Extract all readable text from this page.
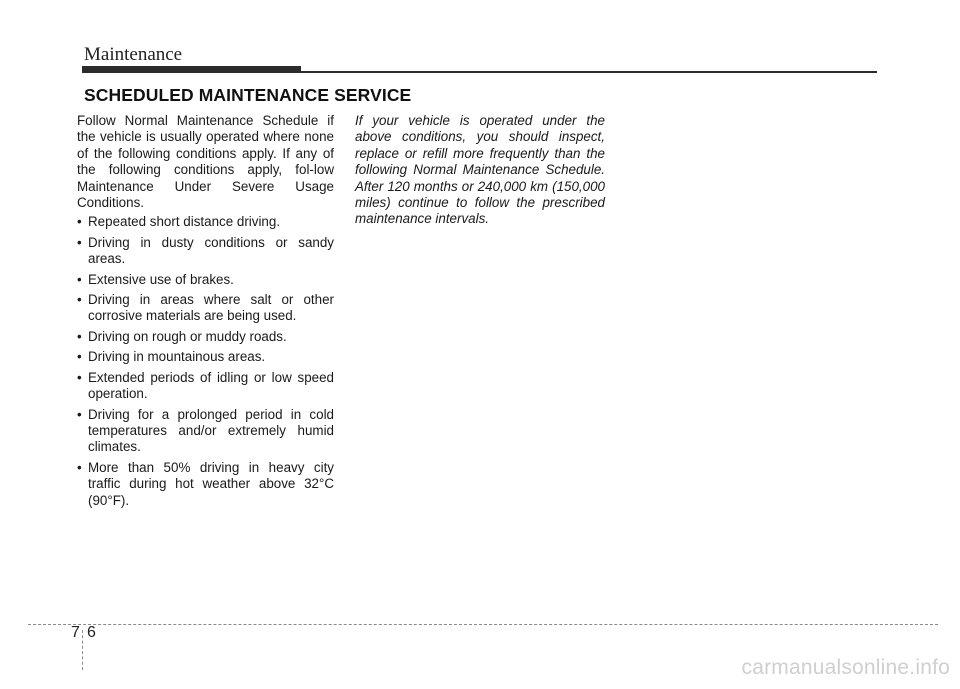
Maintenance
SCHEDULED MAINTENANCE SERVICE

Follow Normal Maintenance Schedule if the vehicle is usually operated where none of the following conditions apply. If any of the following conditions apply, fol-low Maintenance Under Severe Usage Conditions.

• Repeated short distance driving.
• Driving in dusty conditions or sandy areas.
• Extensive use of brakes.
• Driving in areas where salt or other corrosive materials are being used.
• Driving on rough or muddy roads.
• Driving in mountainous areas.
• Extended periods of idling or low speed operation.
• Driving for a prolonged period in cold temperatures and/or extremely humid climates.
• More than 50% driving in heavy city traffic during hot weather above 32°C (90°F).

If your vehicle is operated under the above conditions, you should inspect, replace or refill more frequently than the following Normal Maintenance Schedule. After 120 months or 240,000 km (150,000 miles) continue to follow the prescribed maintenance intervals.

7 6
carmanualsonline.info
